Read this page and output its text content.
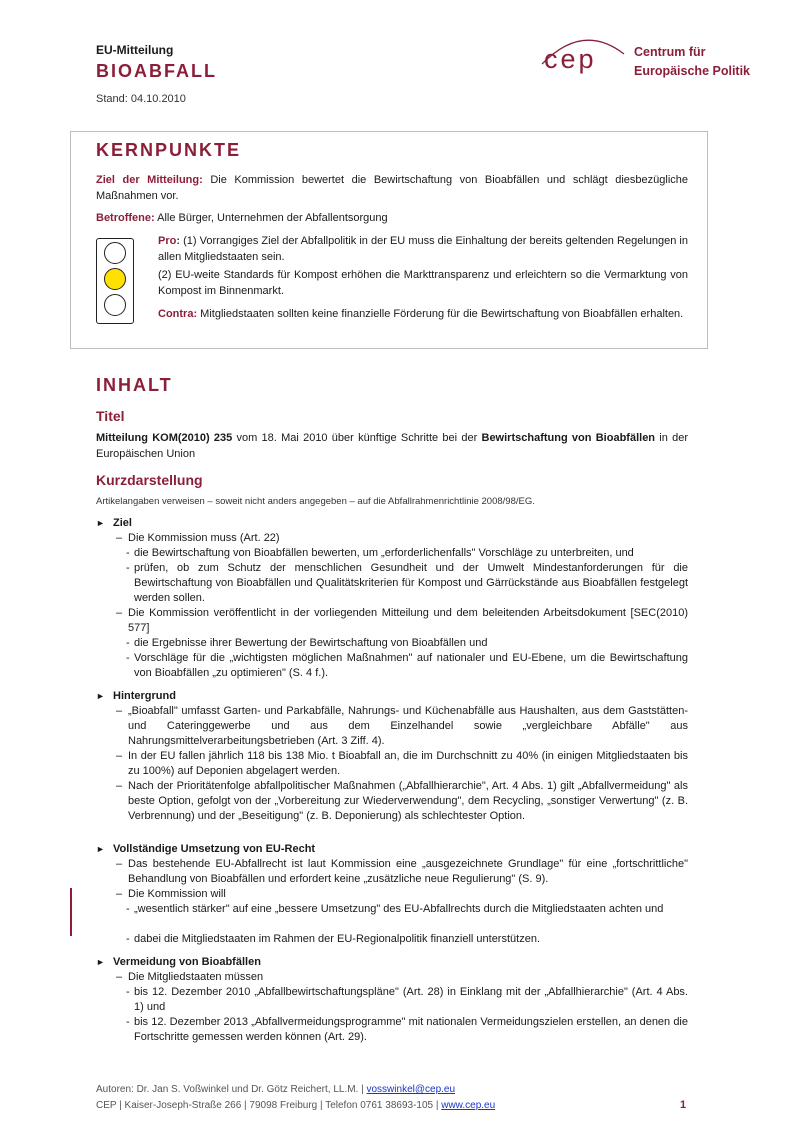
EU-Mitteilung
BIOABFALL
Stand: 04.10.2010
cep	Centrum für
Europäische Politik
KERNPUNKTE
Ziel der Mitteilung: Die Kommission bewertet die Bewirtschaftung von Bioabfällen und schlägt diesbezügliche Maßnahmen vor.
Betroffene: Alle Bürger, Unternehmen der Abfallentsorgung
Pro: (1) Vorrangiges Ziel der Abfallpolitik in der EU muss die Einhaltung der bereits geltenden Regelungen in allen Mitgliedstaaten sein.
(2) EU-weite Standards für Kompost erhöhen die Markttransparenz und erleichtern so die Vermarktung von Kompost im Binnenmarkt.
Contra: Mitgliedstaaten sollten keine finanzielle Förderung für die Bewirtschaftung von Bioabfällen erhalten.
INHALT
Titel
Mitteilung KOM(2010) 235 vom 18. Mai 2010 über künftige Schritte bei der Bewirtschaftung von Bioabfällen in der Europäischen Union
Kurzdarstellung
Artikelangaben verweisen – soweit nicht anders angegeben – auf die Abfallrahmenrichtlinie 2008/98/EG.
► Ziel
– Die Kommission muss (Art. 22)
- die Bewirtschaftung von Bioabfällen bewerten, um „erforderlichenfalls" Vorschläge zu unterbreiten, und
- prüfen, ob zum Schutz der menschlichen Gesundheit und der Umwelt Mindestanforderungen für die Bewirtschaftung von Bioabfällen und Qualitätskriterien für Kompost und Gärrückstände aus Bioabfällen festgelegt werden sollen.
– Die Kommission veröffentlicht in der vorliegenden Mitteilung und dem beleitenden Arbeitsdokument [SEC(2010) 577]
- die Ergebnisse ihrer Bewertung der Bewirtschaftung von Bioabfällen und
- Vorschläge für die „wichtigsten möglichen Maßnahmen" auf nationaler und EU-Ebene, um die Bewirtschaftung von Bioabfällen „zu optimieren" (S. 4 f.).
► Hintergrund
– „Bioabfall" umfasst Garten- und Parkabfälle, Nahrungs- und Küchenabfälle aus Haushalten, aus dem Gaststätten- und Cateringgewerbe und aus dem Einzelhandel sowie „vergleichbare Abfälle" aus Nahrungsmittelverarbeitungsbetrieben (Art. 3 Ziff. 4).
– In der EU fallen jährlich 118 bis 138 Mio. t Bioabfall an, die im Durchschnitt zu 40% (in einigen Mitgliedstaaten bis zu 100%) auf Deponien abgelagert werden.
– Nach der Prioritätenfolge abfallpolitischer Maßnahmen („Abfallhierarchie", Art. 4 Abs. 1) gilt „Abfallvermeidung" als beste Option, gefolgt von der „Vorbereitung zur Wiederverwendung", dem Recycling, „sonstiger Verwertung" (z. B. Verbrennung) und der „Beseitigung" (z. B. Deponierung) als schlechtester Option.
► Vollständige Umsetzung von EU-Recht
– Das bestehende EU-Abfallrecht ist laut Kommission eine „ausgezeichnete Grundlage" für eine „fortschrittliche" Behandlung von Bioabfällen und erfordert keine „zusätzliche neue Regulierung" (S. 9).
– Die Kommission will
- „wesentlich stärker" auf eine „bessere Umsetzung" des EU-Abfallrechts durch die Mitgliedstaaten achten und
- dabei die Mitgliedstaaten im Rahmen der EU-Regionalpolitik finanziell unterstützen.
► Vermeidung von Bioabfällen
– Die Mitgliedstaaten müssen
- bis 12. Dezember 2010 „Abfallbewirtschaftungspläne" (Art. 28) in Einklang mit der „Abfallhierarchie" (Art. 4 Abs. 1) und
- bis 12. Dezember 2013 „Abfallvermeidungsprogramme" mit nationalen Vermeidungszielen erstellen, an denen die Fortschritte gemessen werden können (Art. 29).
Autoren: Dr. Jan S. Voßwinkel und Dr. Götz Reichert, LL.M. | vosswinkel@cep.eu
CEP | Kaiser-Joseph-Straße 266 | 79098 Freiburg | Telefon 0761 38693-105 | www.cep.eu	1
